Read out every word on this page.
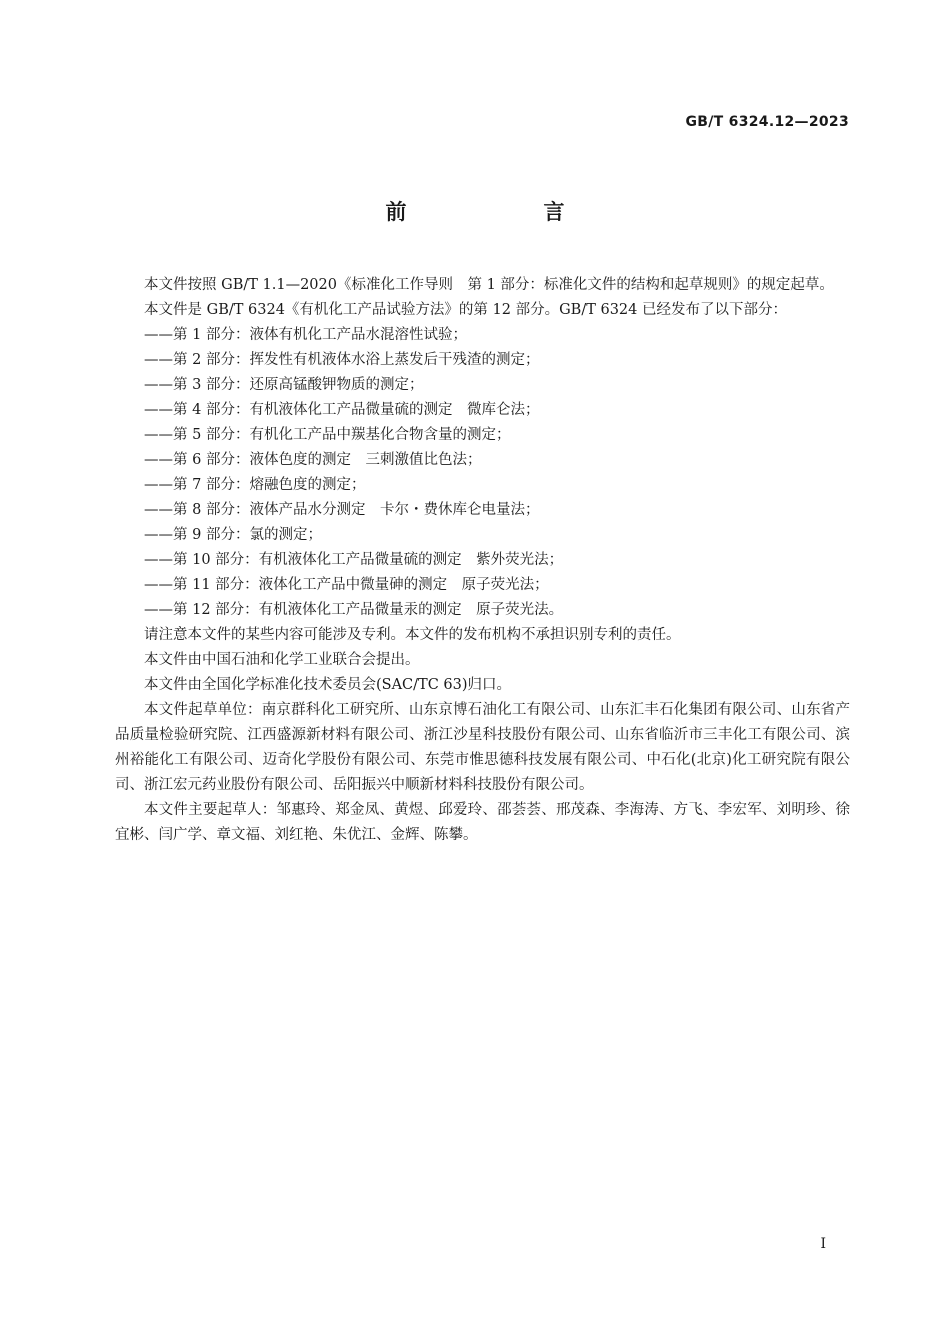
GB/T 6324.12—2023
前　言

本文件按照 GB/T 1.1—2020《标准化工作导则　第 1 部分：标准化文件的结构和起草规则》的规定起草。

本文件是 GB/T 6324《有机化工产品试验方法》的第 12 部分。GB/T 6324 已经发布了以下部分：

——第 1 部分：液体有机化工产品水混溶性试验；

——第 2 部分：挥发性有机液体水浴上蒸发后干残渣的测定；

——第 3 部分：还原高锰酸钾物质的测定；

——第 4 部分：有机液体化工产品微量硫的测定　微库仑法；

——第 5 部分：有机化工产品中羰基化合物含量的测定；

——第 6 部分：液体色度的测定　三刺激值比色法；

——第 7 部分：熔融色度的测定；

——第 8 部分：液体产品水分测定　卡尔・费休库仑电量法；

——第 9 部分：氯的测定；

——第 10 部分：有机液体化工产品微量硫的测定　紫外荧光法；

——第 11 部分：液体化工产品中微量砷的测定　原子荧光法；

——第 12 部分：有机液体化工产品微量汞的测定　原子荧光法。

请注意本文件的某些内容可能涉及专利。本文件的发布机构不承担识别专利的责任。

本文件由中国石油和化学工业联合会提出。

本文件由全国化学标准化技术委员会(SAC/TC 63)归口。

本文件起草单位：南京群科化工研究所、山东京博石油化工有限公司、山东汇丰石化集团有限公司、山东省产品质量检验研究院、江西盛源新材料有限公司、浙江沙星科技股份有限公司、山东省临沂市三丰化工有限公司、滨州裕能化工有限公司、迈奇化学股份有限公司、东莞市惟思德科技发展有限公司、中石化(北京)化工研究院有限公司、浙江宏元药业股份有限公司、岳阳振兴中顺新材料科技股份有限公司。

本文件主要起草人：邹惠玲、郑金凤、黄煜、邱爱玲、邵荟荟、邢茂森、李海涛、方飞、李宏军、刘明珍、徐宜彬、闫广学、章文福、刘红艳、朱优江、金辉、陈攀。

I
